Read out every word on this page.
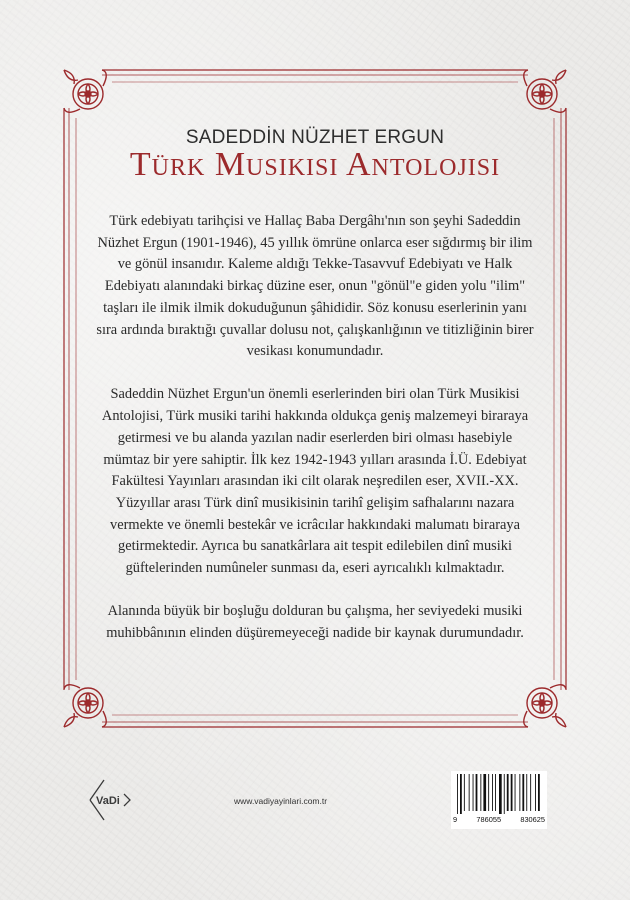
SADEDDİN NÜZHET ERGUN
Türk Musikisi Antolojisi

Türk edebiyatı tarihçisi ve Hallaç Baba Dergâhı'nın son şeyhi Sadeddin Nüzhet Ergun (1901-1946), 45 yıllık ömrüne onlarca eser sığdırmış bir ilim ve gönül insanıdır. Kaleme aldığı Tekke-Tasavvuf Edebiyatı ve Halk Edebiyatı alanındaki birkaç düzine eser, onun "gönül"e giden yolu "ilim" taşları ile ilmik ilmik dokuduğunun şâhididir. Söz konusu eserlerinin yanı sıra ardında bıraktığı çuvallar dolusu not, çalışkanlığının ve titizliğinin birer vesikası konumundadır.

Sadeddin Nüzhet Ergun'un önemli eserlerinden biri olan Türk Musikisi Antolojisi, Türk musiki tarihi hakkında oldukça geniş malzemeyi biraraya getirmesi ve bu alanda yazılan nadir eserlerden biri olması hasebiyle mümtaz bir yere sahiptir. İlk kez 1942-1943 yılları arasında İ.Ü. Edebiyat Fakültesi Yayınları arasından iki cilt olarak neşredilen eser, XVII.-XX. Yüzyıllar arası Türk dinî musikisinin tarihî gelişim safhalarını nazara vermekte ve önemli bestekâr ve icrâcılar hakkındaki malumatı biraraya getirmektedir. Ayrıca bu sanatkârlara ait tespit edilebilen dinî musiki güftelerinden numûneler sunması da, eseri ayrıcalıklı kılmaktadır.

Alanında büyük bir boşluğu dolduran bu çalışma, her seviyedeki musiki muhibbânının elinden düşüremeyeceği nadide bir kaynak durumundadır.

VaDi	www.vadiyayinlari.com.tr
9	786055	830625
